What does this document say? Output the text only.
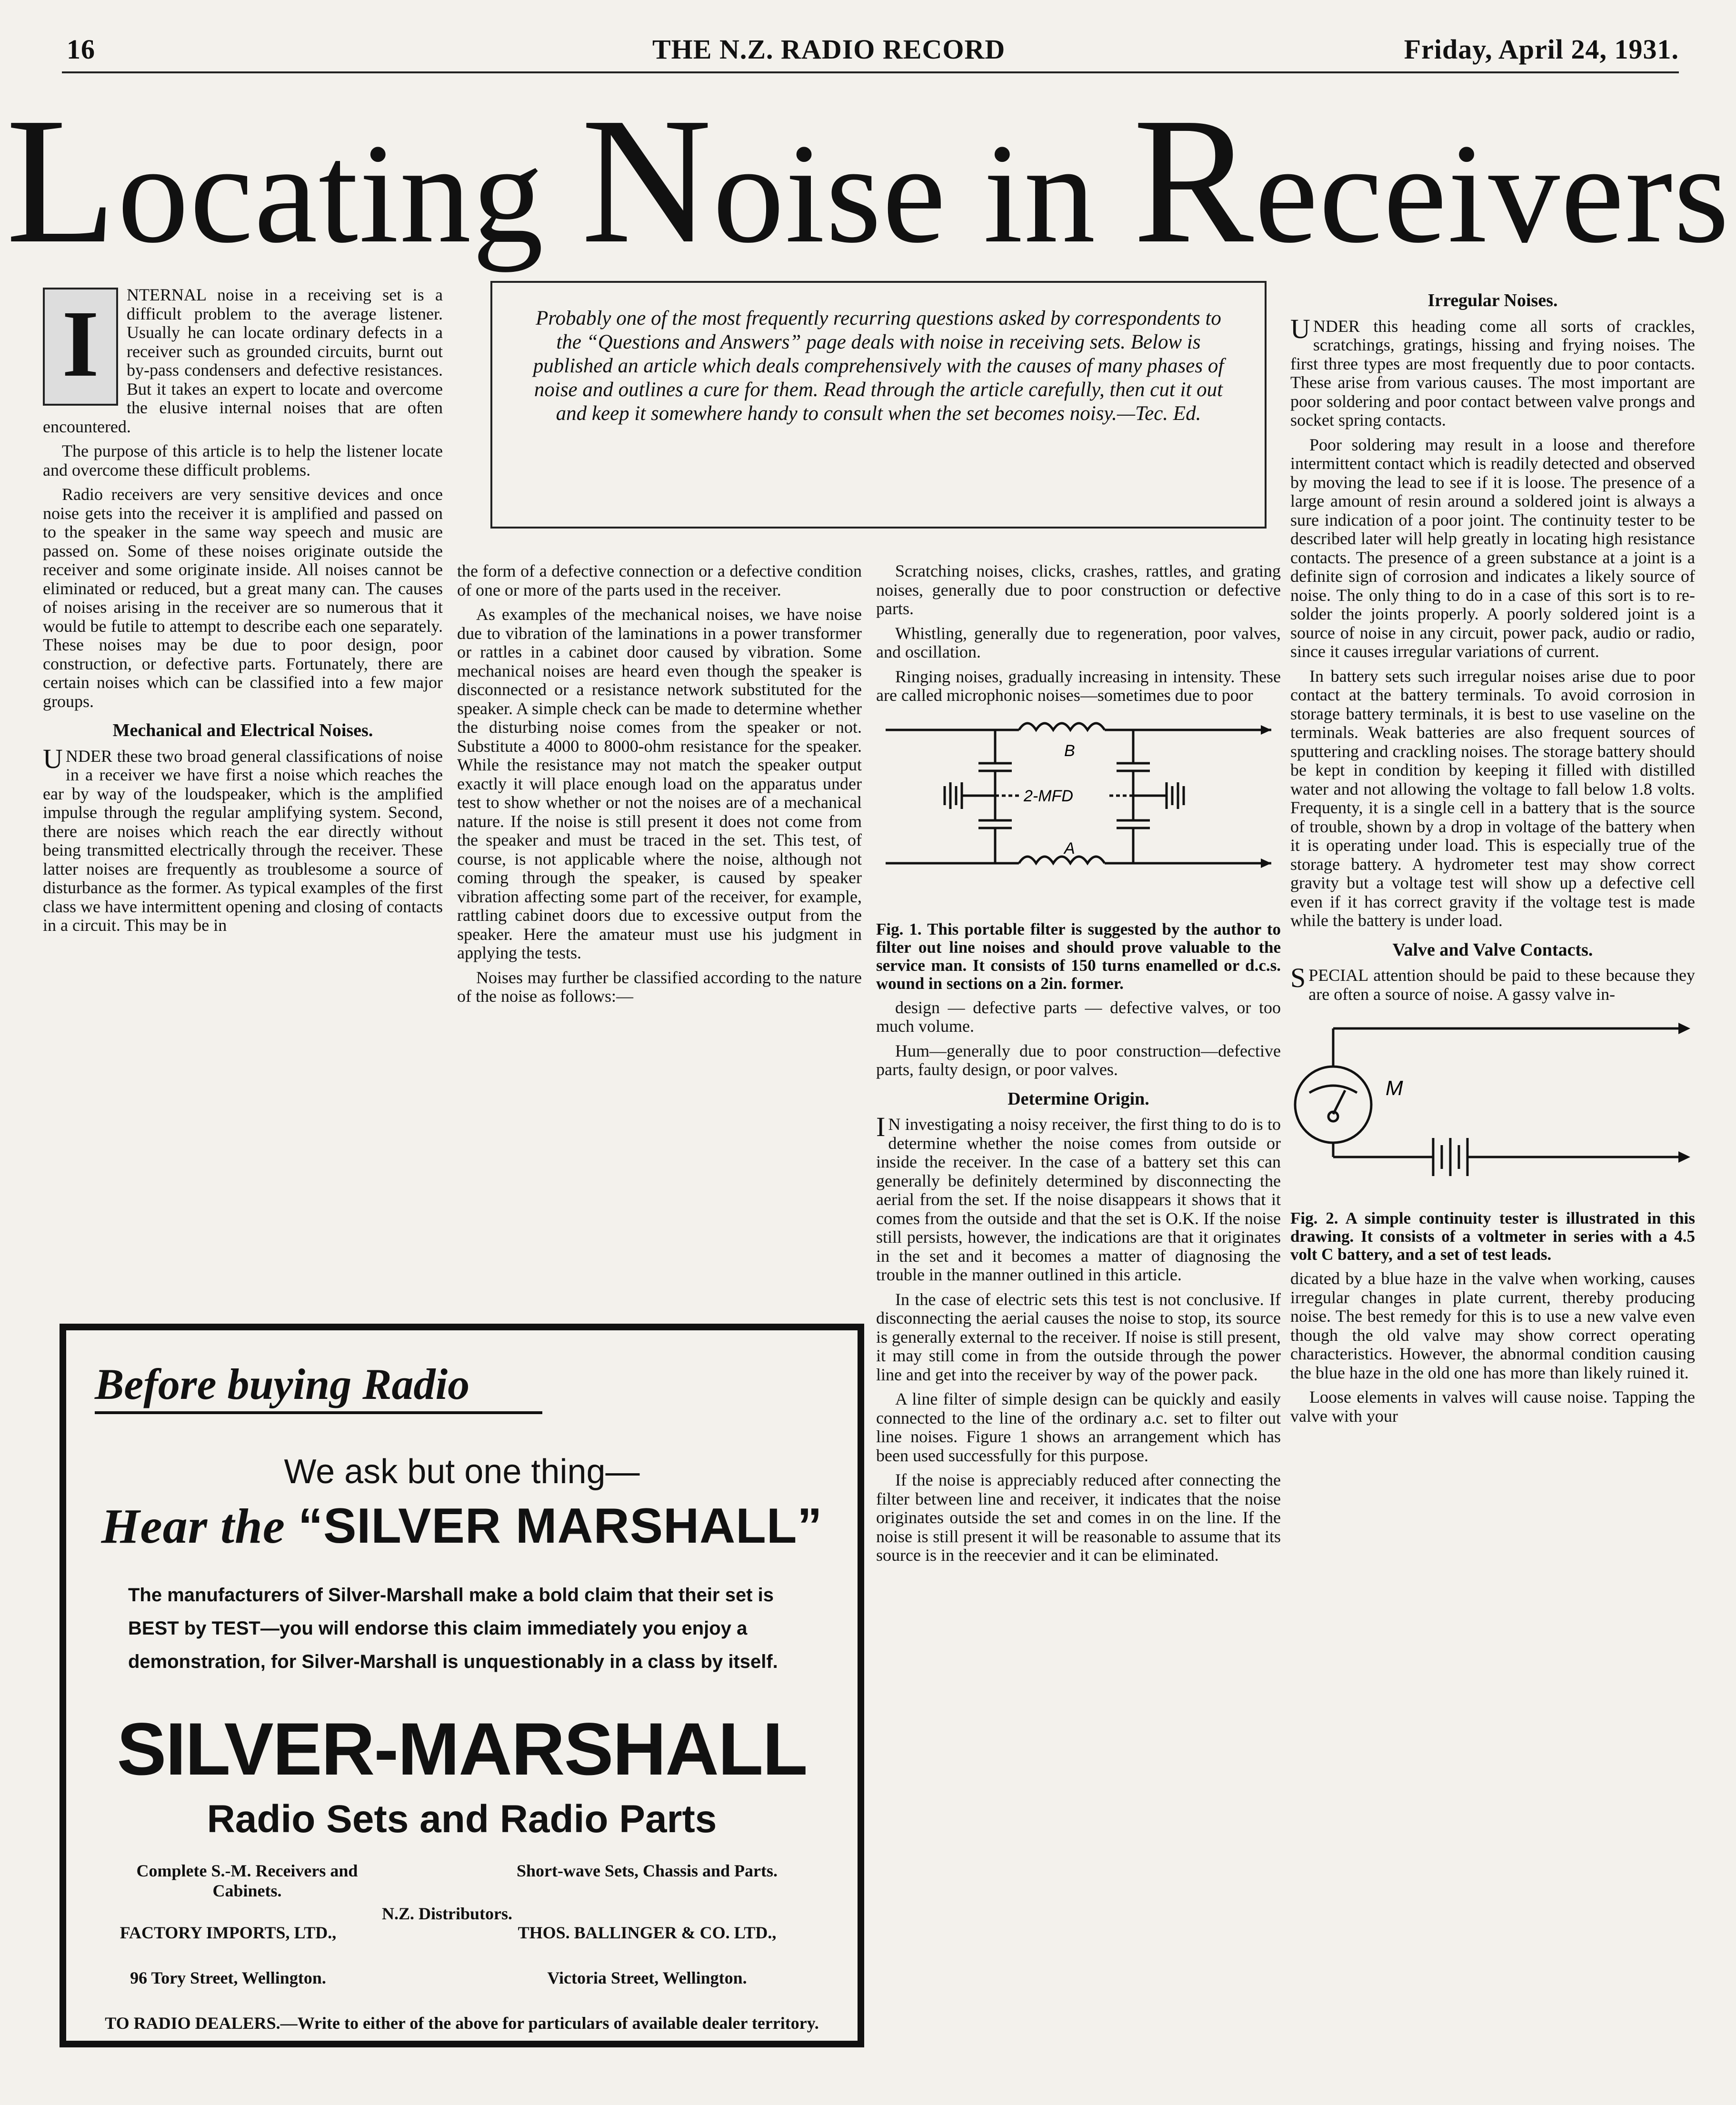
16	THE N.Z. RADIO RECORD	Friday, April 24, 1931.
Locating Noise in Receivers
Probably one of the most frequently recurring questions asked by correspondents to the “Questions and Answers” page deals with noise in receiving sets. Below is published an article which deals comprehensively with the causes of many phases of noise and outlines a cure for them. Read through the article carefully, then cut it out and keep it somewhere handy to consult when the set becomes noisy.—Tec. Ed.
I	NTERNAL noise in a receiving set is a difficult problem to the average listener. Usually he can locate ordinary defects in a receiver such as grounded circuits, burnt out by-pass condensers and defective resistances. But it takes an expert to locate and overcome the elusive internal noises that are often encountered.

The purpose of this article is to help the listener locate and overcome these difficult problems.

Radio receivers are very sensitive devices and once noise gets into the receiver it is amplified and passed on to the speaker in the same way speech and music are passed on. Some of these noises originate outside the receiver and some originate inside. All noises cannot be eliminated or reduced, but a great many can. The causes of noises arising in the receiver are so numerous that it would be futile to attempt to describe each one separately. These noises may be due to poor design, poor construction, or defective parts. Fortunately, there are certain noises which can be classified into a few major groups.

Mechanical and Electrical Noises.

UNDER these two broad general classifications of noise in a receiver we have first a noise which reaches the ear by way of the loudspeaker, which is the amplified impulse through the regular amplifying system. Second, there are noises which reach the ear directly without being transmitted electrically through the receiver. These latter noises are frequently as troublesome a source of disturbance as the former. As typical examples of the first class we have intermittent opening and closing of contacts in a circuit. This may be in

the form of a defective connection or a defective condition of one or more of the parts used in the receiver.

As examples of the mechanical noises, we have noise due to vibration of the laminations in a power transformer or rattles in a cabinet door caused by vibration. Some mechanical noises are heard even though the speaker is disconnected or a resistance network substituted for the speaker. A simple check can be made to determine whether the disturbing noise comes from the speaker or not. Substitute a 4000 to 8000-ohm resistance for the speaker. While the resistance may not match the speaker output exactly it will place enough load on the apparatus under test to show whether or not the noises are of a mechanical nature. If the noise is still present it does not come from the speaker and must be traced in the set. This test, of course, is not applicable where the noise, although not coming through the speaker, is caused by speaker vibration affecting some part of the receiver, for example, rattling cabinet doors due to excessive output from the speaker. Here the amateur must use his judgment in applying the tests.

Noises may further be classified according to the nature of the noise as follows:—

Scratching noises, clicks, crashes, rattles, and grating noises, generally due to poor construction or defective parts.

Whistling, generally due to regeneration, poor valves, and oscillation.

Ringing noises, gradually increasing in intensity. These are called microphonic noises—sometimes due to poor

B
A
2-MFD

Fig. 1. This portable filter is suggested by the author to filter out line noises and should prove valuable to the service man. It consists of 150 turns enamelled or d.c.s. wound in sections on a 2in. former.

design — defective parts — defective valves, or too much volume.

Hum—generally due to poor construction—defective parts, faulty design, or poor valves.

Determine Origin.

I N investigating a noisy receiver, the first thing to do is to determine whether the noise comes from outside or inside the receiver. In the case of a battery set this can generally be definitely determined by disconnecting the aerial from the set. If the noise disappears it shows that it comes from the outside and that the set is O.K. If the noise still persists, however, the indications are that it originates in the set and it becomes a matter of diagnosing the trouble in the manner outlined in this article.

In the case of electric sets this test is not conclusive. If disconnecting the aerial causes the noise to stop, its source is generally external to the receiver. If noise is still present, it may still come in from the outside through the power line and get into the receiver by way of the power pack.

A line filter of simple design can be quickly and easily connected to the line of the ordinary a.c. set to filter out line noises. Figure 1 shows an arrangement which has been used successfully for this purpose.

If the noise is appreciably reduced after connecting the filter between line and receiver, it indicates that the noise originates outside the set and comes in on the line. If the noise is still present it will be reasonable to assume that its source is in the reecevier and it can be eliminated.

Irregular Noises.

UNDER this heading come all sorts of crackles, scratchings, gratings, hissing and frying noises. The first three types are most frequently due to poor contacts. These arise from various causes. The most important are poor soldering and poor contact between valve prongs and socket spring contacts.

Poor soldering may result in a loose and therefore intermittent contact which is readily detected and observed by moving the lead to see if it is loose. The presence of a large amount of resin around a soldered joint is always a sure indication of a poor joint. The continuity tester to be described later will help greatly in locating high resistance contacts. The presence of a green substance at a joint is a definite sign of corrosion and indicates a likely source of noise. The only thing to do in a case of this sort is to re-solder the joints properly. A poorly soldered joint is a source of noise in any circuit, power pack, audio or radio, since it causes irregular variations of current.

In battery sets such irregular noises arise due to poor contact at the battery terminals. To avoid corrosion in storage battery terminals, it is best to use vaseline on the terminals. Weak batteries are also frequent sources of sputtering and crackling noises. The storage battery should be kept in condition by keeping it filled with distilled water and not allowing the voltage to fall below 1.8 volts. Frequenty, it is a single cell in a battery that is the source of trouble, shown by a drop in voltage of the battery when it is operating under load. This is especially true of the storage battery. A hydrometer test may show correct gravity but a voltage test will show up a defective cell even if it has correct gravity if the voltage test is made while the battery is under load.

Valve and Valve Contacts.

SPECIAL attention should be paid to these because they are often a source of noise. A gassy valve in-

M

Fig. 2. A simple continuity tester is illustrated in this drawing. It consists of a voltmeter in series with a 4.5 volt C battery, and a set of test leads.

dicated by a blue haze in the valve when working, causes irregular changes in plate current, thereby producing noise. The best remedy for this is to use a new valve even though the old valve may show correct operating characteristics. However, the abnormal condition causing the blue haze in the old one has more than likely ruined it.

Loose elements in valves will cause noise. Tapping the valve with your

Before buying Radio
We ask but one thing—
Hear the “SILVER MARSHALL”
The manufacturers of Silver-Marshall make a bold claim that their set is BEST by TEST—you will endorse this claim immediately you enjoy a demonstration, for Silver-Marshall is unquestionably in a class by itself.
SILVER-MARSHALL
Radio Sets and Radio Parts
Complete S.-M. Receivers and Cabinets.
Short-wave Sets, Chassis and Parts.
N.Z. Distributors.
FACTORY IMPORTS, LTD.,	THOS. BALLINGER & CO. LTD.,
96 Tory Street, Wellington.	Victoria Street, Wellington.
TO RADIO DEALERS.—Write to either of the above for particulars of available dealer territory.
